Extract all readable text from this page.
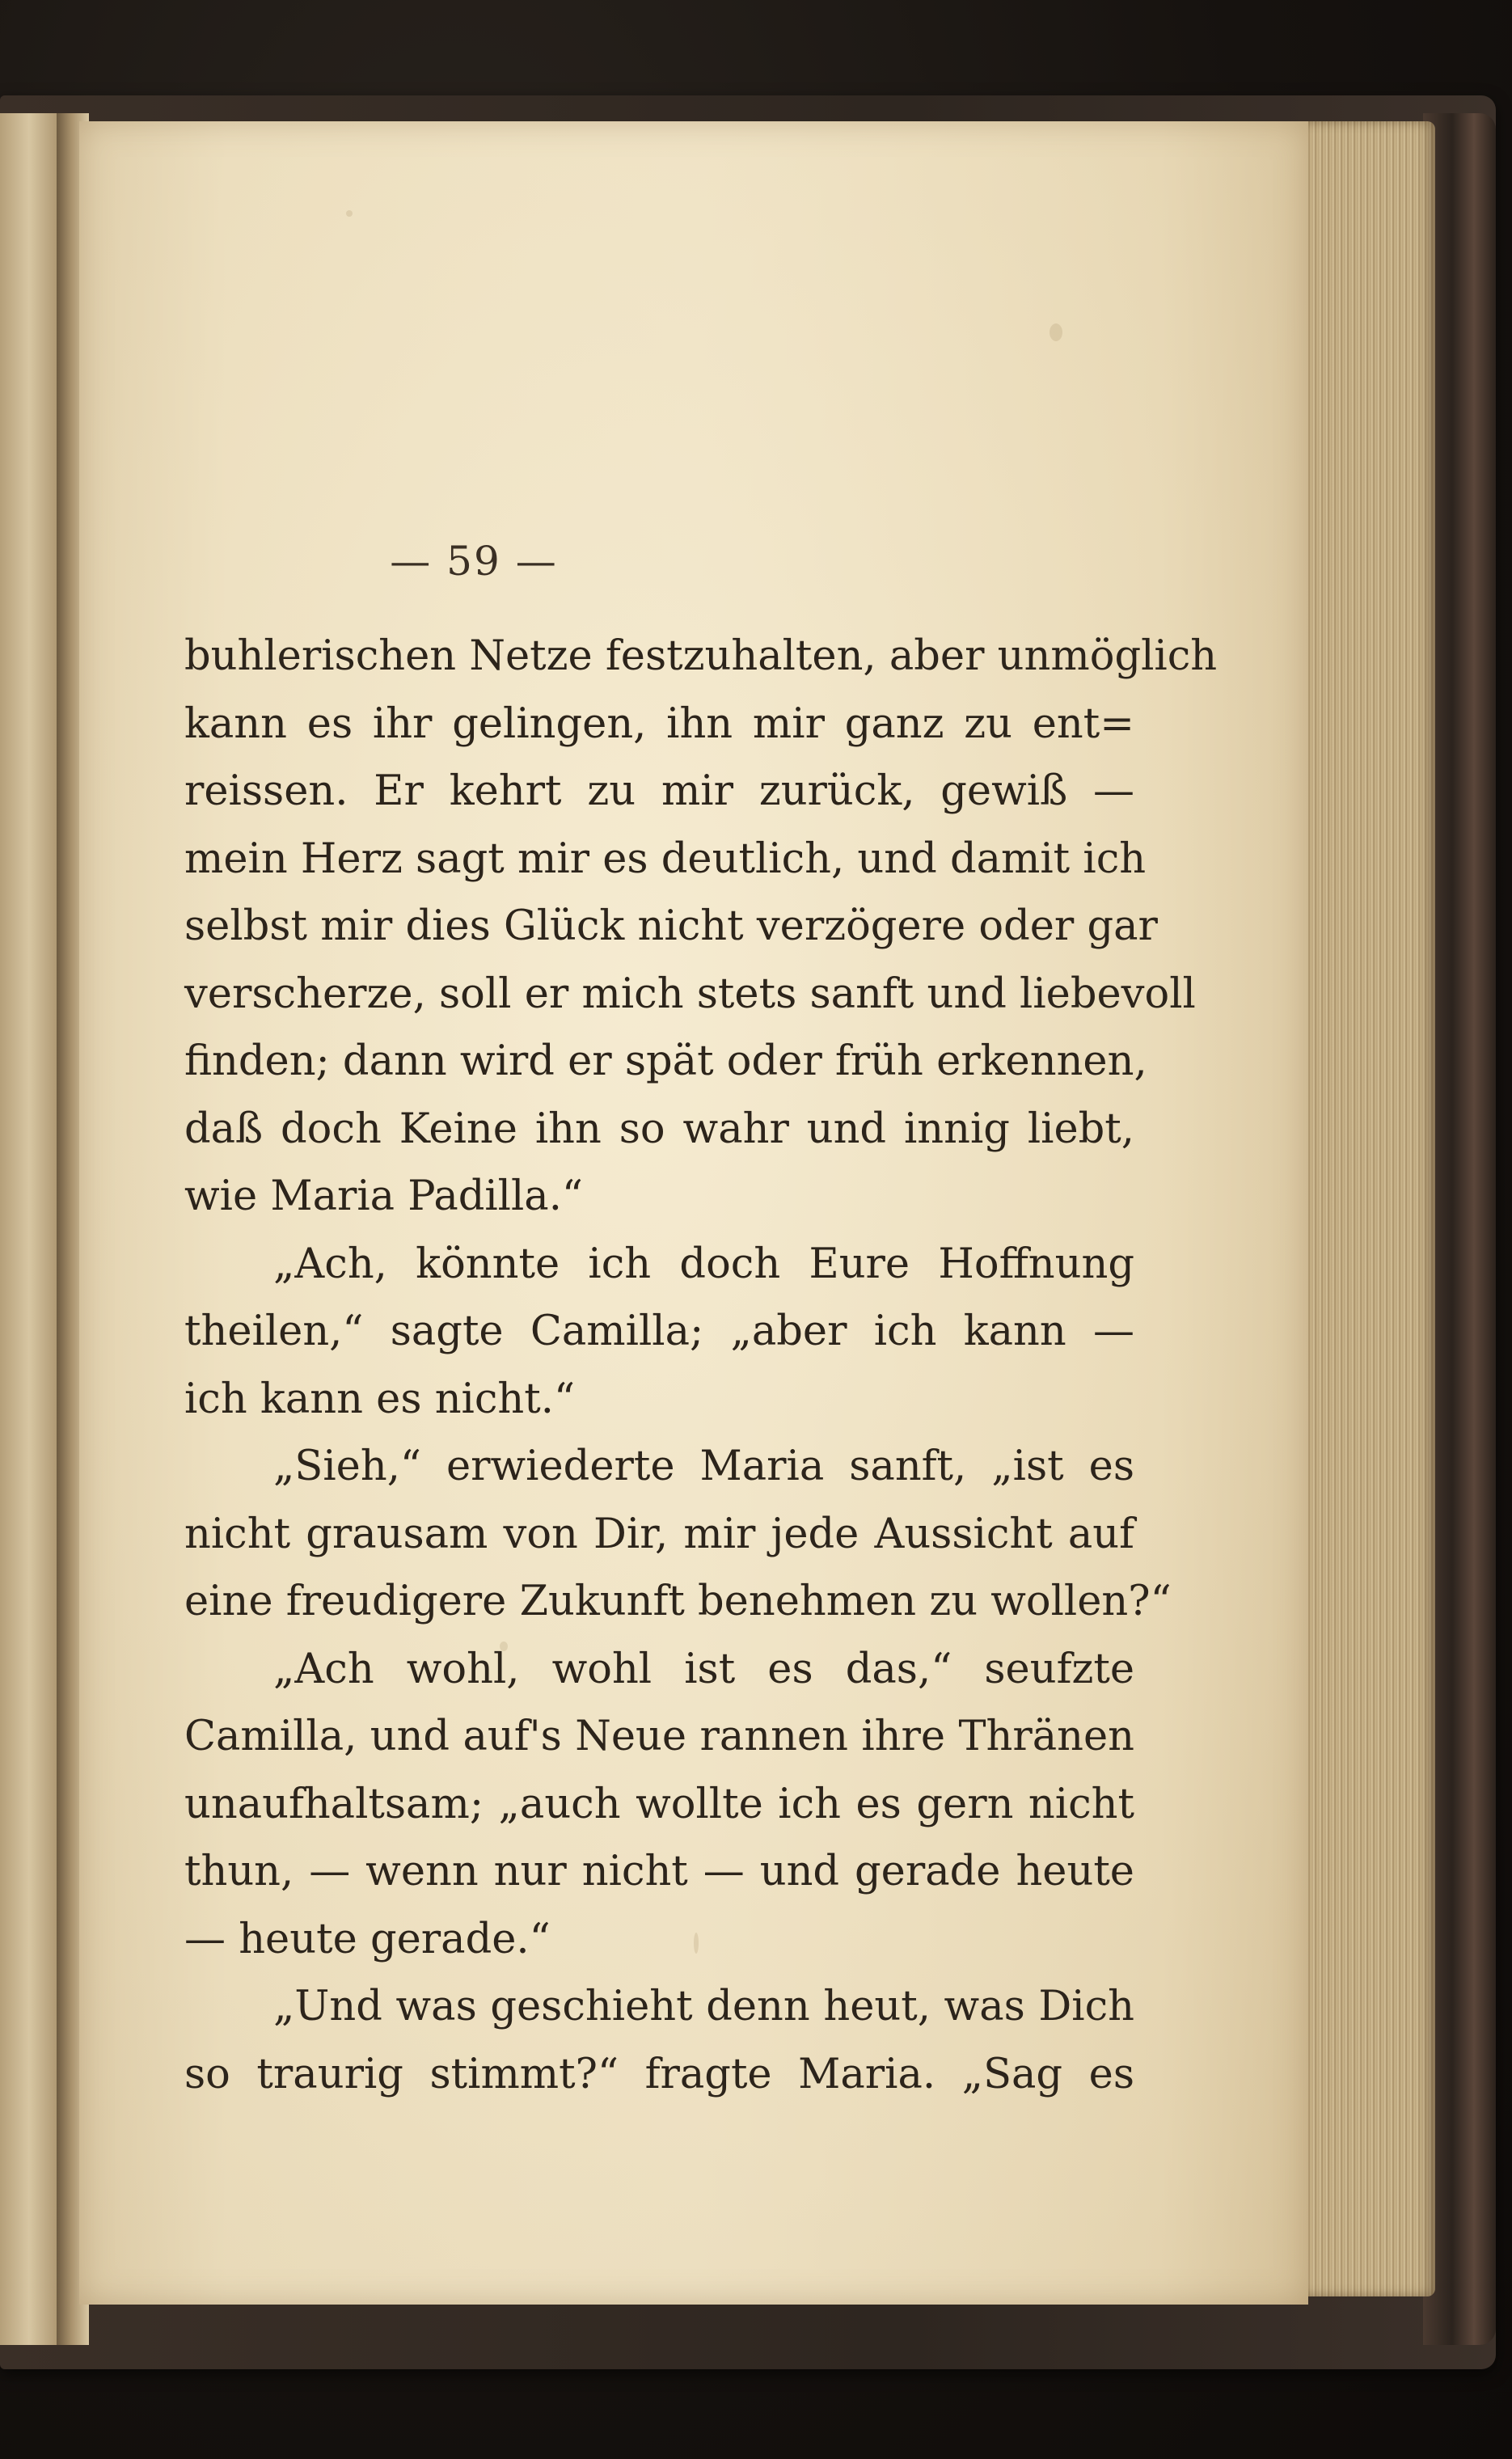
— 59 —
buhlerischen Netze festzuhalten, aber unmöglich
kann es ihr gelingen, ihn mir ganz zu ent=
reissen. Er kehrt zu mir zurück, gewiß —
mein Herz sagt mir es deutlich, und damit ich
selbst mir dies Glück nicht verzögere oder gar
verscherze, soll er mich stets sanft und liebevoll
finden; dann wird er spät oder früh erkennen,
daß doch Keine ihn so wahr und innig liebt,
wie Maria Padilla.“
„Ach, könnte ich doch Eure Hoffnung
theilen,“ sagte Camilla; „aber ich kann —
ich kann es nicht.“
„Sieh,“ erwiederte Maria sanft, „ist es
nicht grausam von Dir, mir jede Aussicht auf
eine freudigere Zukunft benehmen zu wollen?“
„Ach wohl, wohl ist es das,“ seufzte
Camilla, und auf's Neue rannen ihre Thränen
unaufhaltsam; „auch wollte ich es gern nicht
thun, — wenn nur nicht — und gerade heute
— heute gerade.“
„Und was geschieht denn heut, was Dich
so traurig stimmt?“ fragte Maria. „Sag es
